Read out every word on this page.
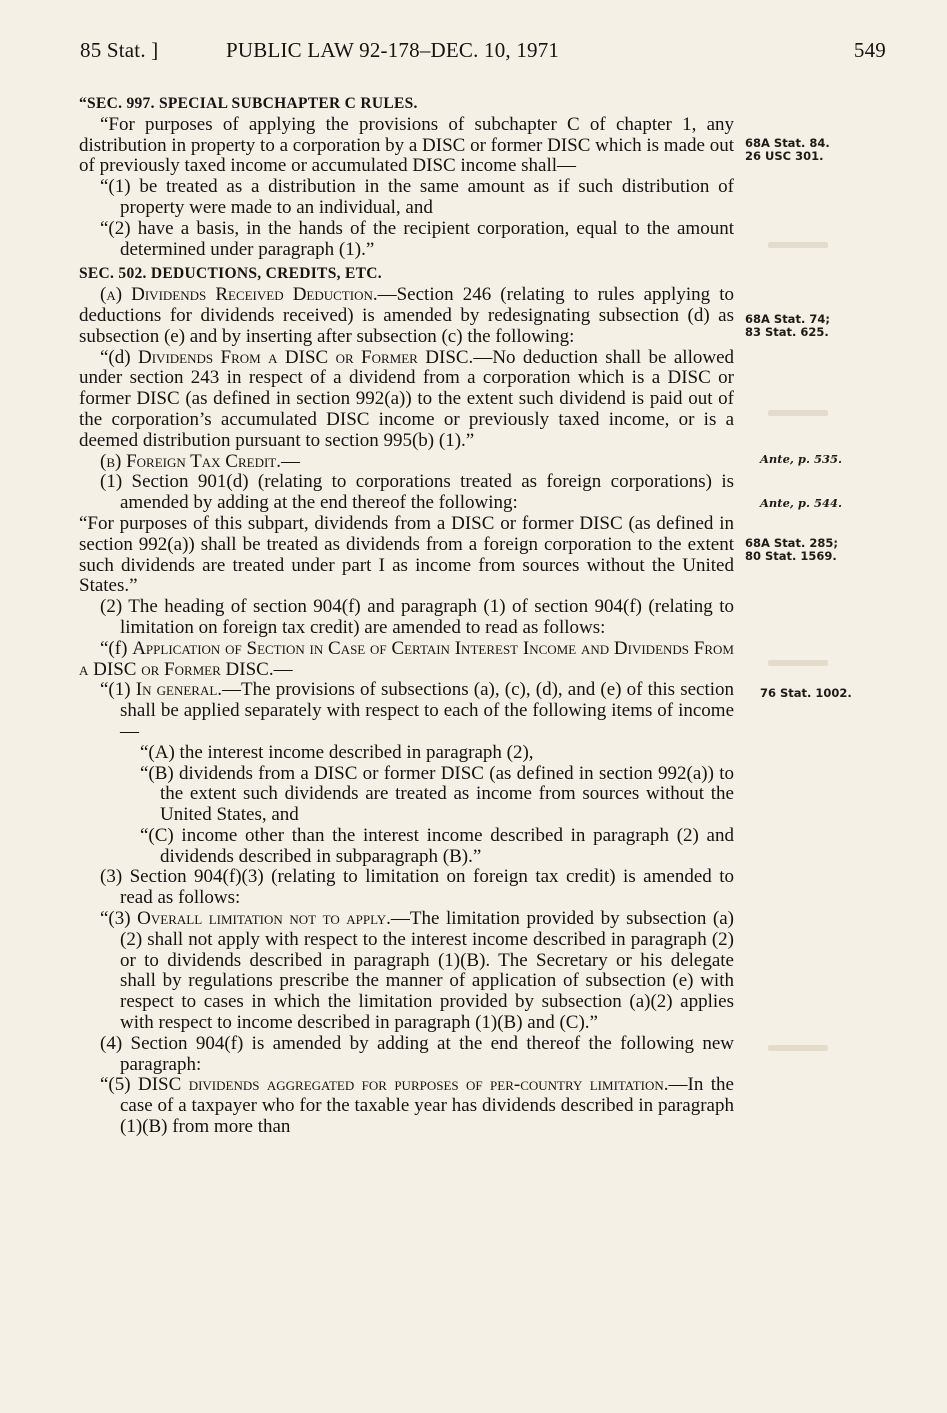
85 Stat. ]	PUBLIC LAW 92-178–DEC. 10, 1971	549

“SEC. 997. SPECIAL SUBCHAPTER C RULES.

“For purposes of applying the provisions of subchapter C of chapter 1, any distribution in property to a corporation by a DISC or former DISC which is made out of previously taxed income or accumulated DISC income shall—

“(1) be treated as a distribution in the same amount as if such distribution of property were made to an individual, and

“(2) have a basis, in the hands of the recipient corporation, equal to the amount determined under paragraph (1).”

SEC. 502. DEDUCTIONS, CREDITS, ETC.

(a) Dividends Received Deduction.—Section 246 (relating to rules applying to deductions for dividends received) is amended by redesignating subsection (d) as subsection (e) and by inserting after subsection (c) the following:

“(d) Dividends From a DISC or Former DISC.—No deduction shall be allowed under section 243 in respect of a dividend from a corporation which is a DISC or former DISC (as defined in section 992(a)) to the extent such dividend is paid out of the corporation’s accumulated DISC income or previously taxed income, or is a deemed distribution pursuant to section 995(b) (1).”

(b) Foreign Tax Credit.—

(1) Section 901(d) (relating to corporations treated as foreign corporations) is amended by adding at the end thereof the following:

“For purposes of this subpart, dividends from a DISC or former DISC (as defined in section 992(a)) shall be treated as dividends from a foreign corporation to the extent such dividends are treated under part I as income from sources without the United States.”

(2) The heading of section 904(f) and paragraph (1) of section 904(f) (relating to limitation on foreign tax credit) are amended to read as follows:

“(f) Application of Section in Case of Certain Interest Income and Dividends From a DISC or Former DISC.—

“(1) In general.—The provisions of subsections (a), (c), (d), and (e) of this section shall be applied separately with respect to each of the following items of income—

“(A) the interest income described in paragraph (2),

“(B) dividends from a DISC or former DISC (as defined in section 992(a)) to the extent such dividends are treated as income from sources without the United States, and

“(C) income other than the interest income described in paragraph (2) and dividends described in subparagraph (B).”

(3) Section 904(f)(3) (relating to limitation on foreign tax credit) is amended to read as follows:

“(3) Overall limitation not to apply.—The limitation provided by subsection (a)(2) shall not apply with respect to the interest income described in paragraph (2) or to dividends described in paragraph (1)(B). The Secretary or his delegate shall by regulations prescribe the manner of application of subsection (e) with respect to cases in which the limitation provided by subsection (a)(2) applies with respect to income described in paragraph (1)(B) and (C).”

(4) Section 904(f) is amended by adding at the end thereof the following new paragraph:

“(5) DISC dividends aggregated for purposes of per-country limitation.—In the case of a taxpayer who for the taxable year has dividends described in paragraph (1)(B) from more than

68A Stat. 84.
26 USC 301.
68A Stat. 74;
83 Stat. 625.
Ante, p. 535.
Ante, p. 544.
68A Stat. 285;
80 Stat. 1569.
76 Stat. 1002.
